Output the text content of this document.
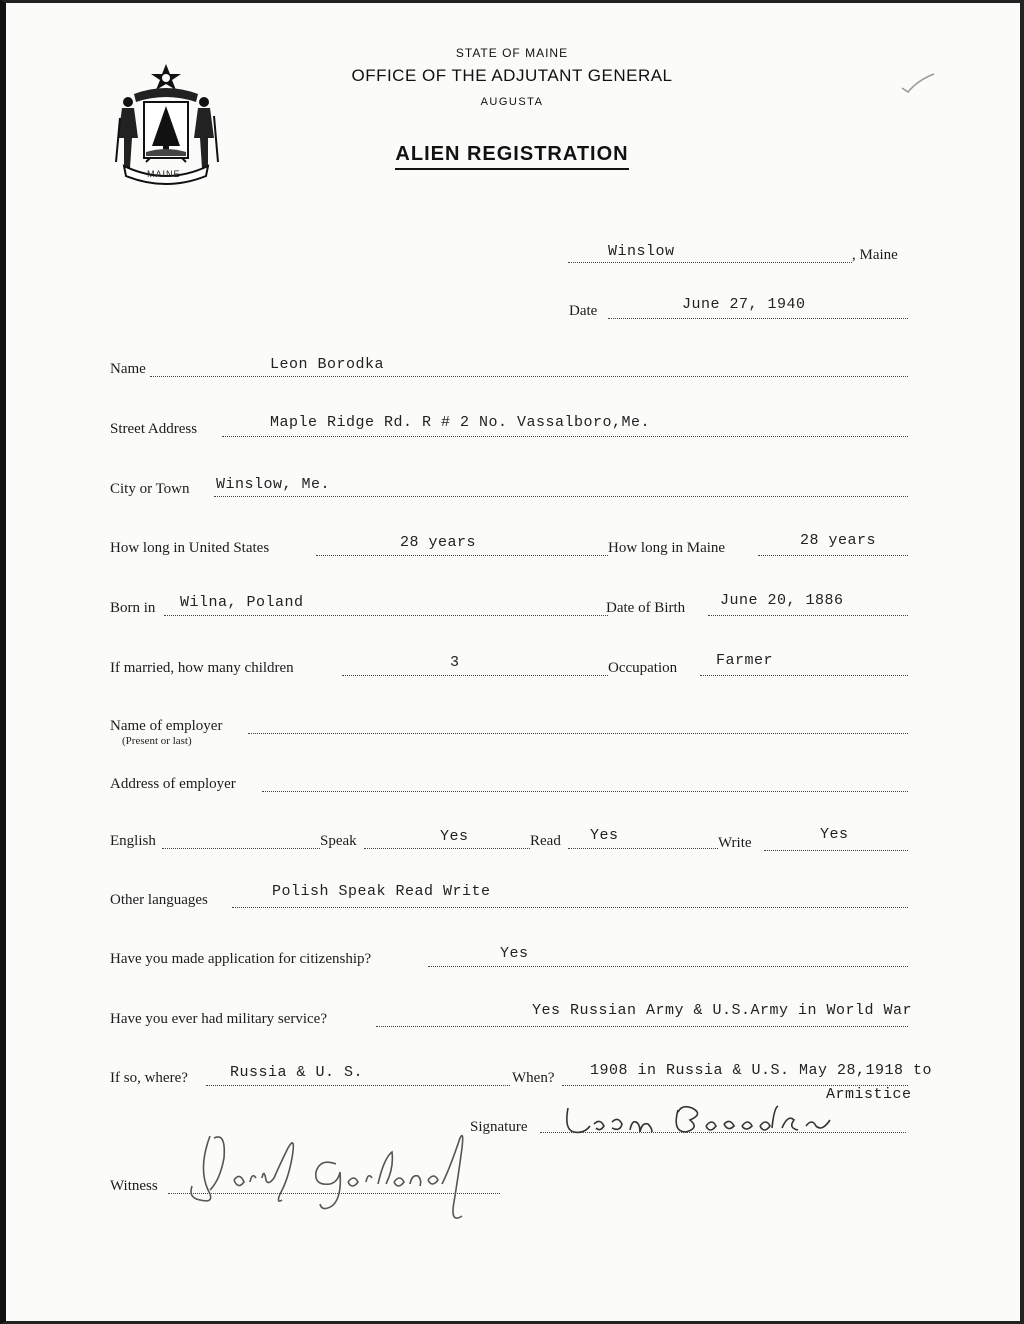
MAINE
STATE OF MAINE
OFFICE OF THE ADJUTANT GENERAL
AUGUSTA
ALIEN REGISTRATION
Winslow	, Maine
Date	June 27, 1940
Name	Leon Borodka
Street Address	Maple Ridge Rd. R # 2 No. Vassalboro,Me.
City or Town Winslow, Me.
How long in United States	28 years	How long in Maine	28 years
Born in Wilna, Poland	Date of Birth June 20, 1886
If married, how many children	3	Occupation	Farmer
Name of employer
(Present or last)
Address of employer
English	Speak	Yes	Read Yes	Write	Yes
Other languages	Polish Speak Read Write
Have you made application for citizenship?	Yes
Have you ever had military service?	Yes Russian Army & U.S.Army in World War
If so, where?	Russia & U. S.	When? 1908 in Russia & U.S. May 28,1918 to
Armistice
Signature
Witness
